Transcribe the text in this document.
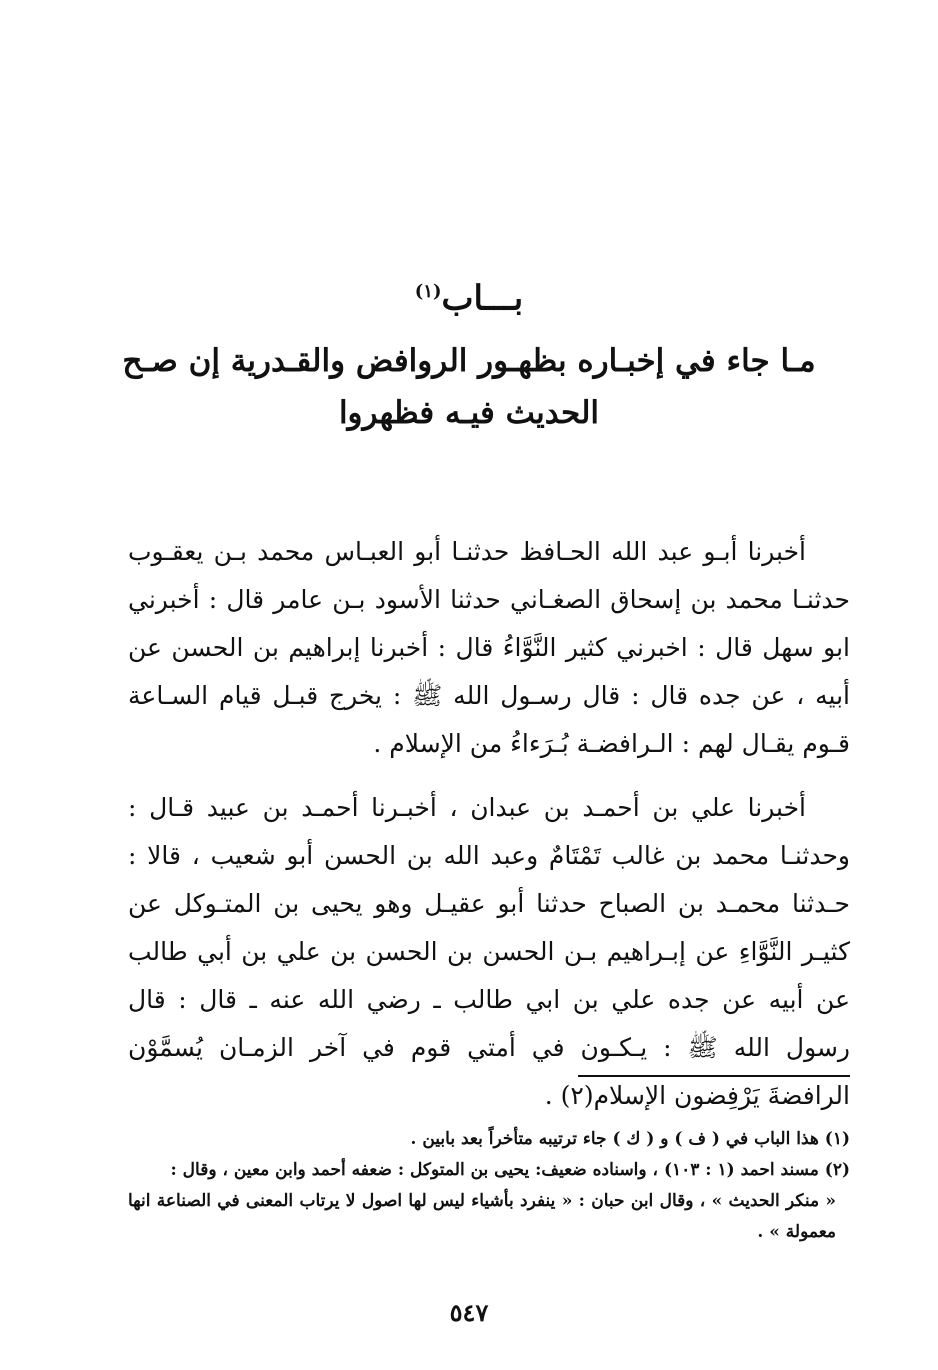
بـــاب$^{(١)}$
مـا جاء في إخبـاره بظهـور الروافض والقـدرية إن صـح الحديث فيـه فظهروا

أخبرنا أبـو عبد الله الحـافظ حدثنـا أبو العبـاس محمد بـن يعقـوب حدثنـا محمد بن إسحاق الصغـاني حدثنا الأسود بـن عامر قال : أخبرني ابو سهل قال : اخبرني كثير النَّوَّاءُ قال : أخبرنا إبراهيم بن الحسن عن أبيه ، عن جده قال : قال رسـول الله ﷺ : يخرج قبـل قيام السـاعة قـوم يقـال لهم : الـرافضـة بُـرَءاءُ من الإسلام .

أخبرنا علي بن أحمـد بن عبدان ، أخبـرنا أحمـد بن عبيد قـال : وحدثنـا محمد بن غالب تَمْتَامٌ وعبد الله بن الحسن أبو شعيب ، قالا : حـدثنا محمـد بن الصباح حدثنا أبو عقيـل وهو يحيى بن المتـوكل عن كثيـر النَّوَّاءِ عن إبـراهيم بـن الحسن بن الحسن بن علي بن أبي طالب عن أبيه عن جده علي بن ابي طالب ـ رضي الله عنه ـ قال : قال رسول الله ﷺ : يـكـون في أمتي قوم في آخر الزمـان يُسمَّوْن الرافضةَ يَرْفِضون الإسلام(٢) .

(١) هذا الباب في ( ف ) و ( ك ) جاء ترتيبه متأخراً بعد بابين .

(٢) مسند احمد (١ : ١٠٣) ، واسناده ضعيف: يحيى بن المتوكل : ضعفه أحمد وابن معين ، وقال :

« منكر الحديث » ، وقال ابن حبان : « ينفرد بأشياء ليس لها اصول لا يرتاب المعنى في الصناعة انها معمولة » .

٥٤٧
